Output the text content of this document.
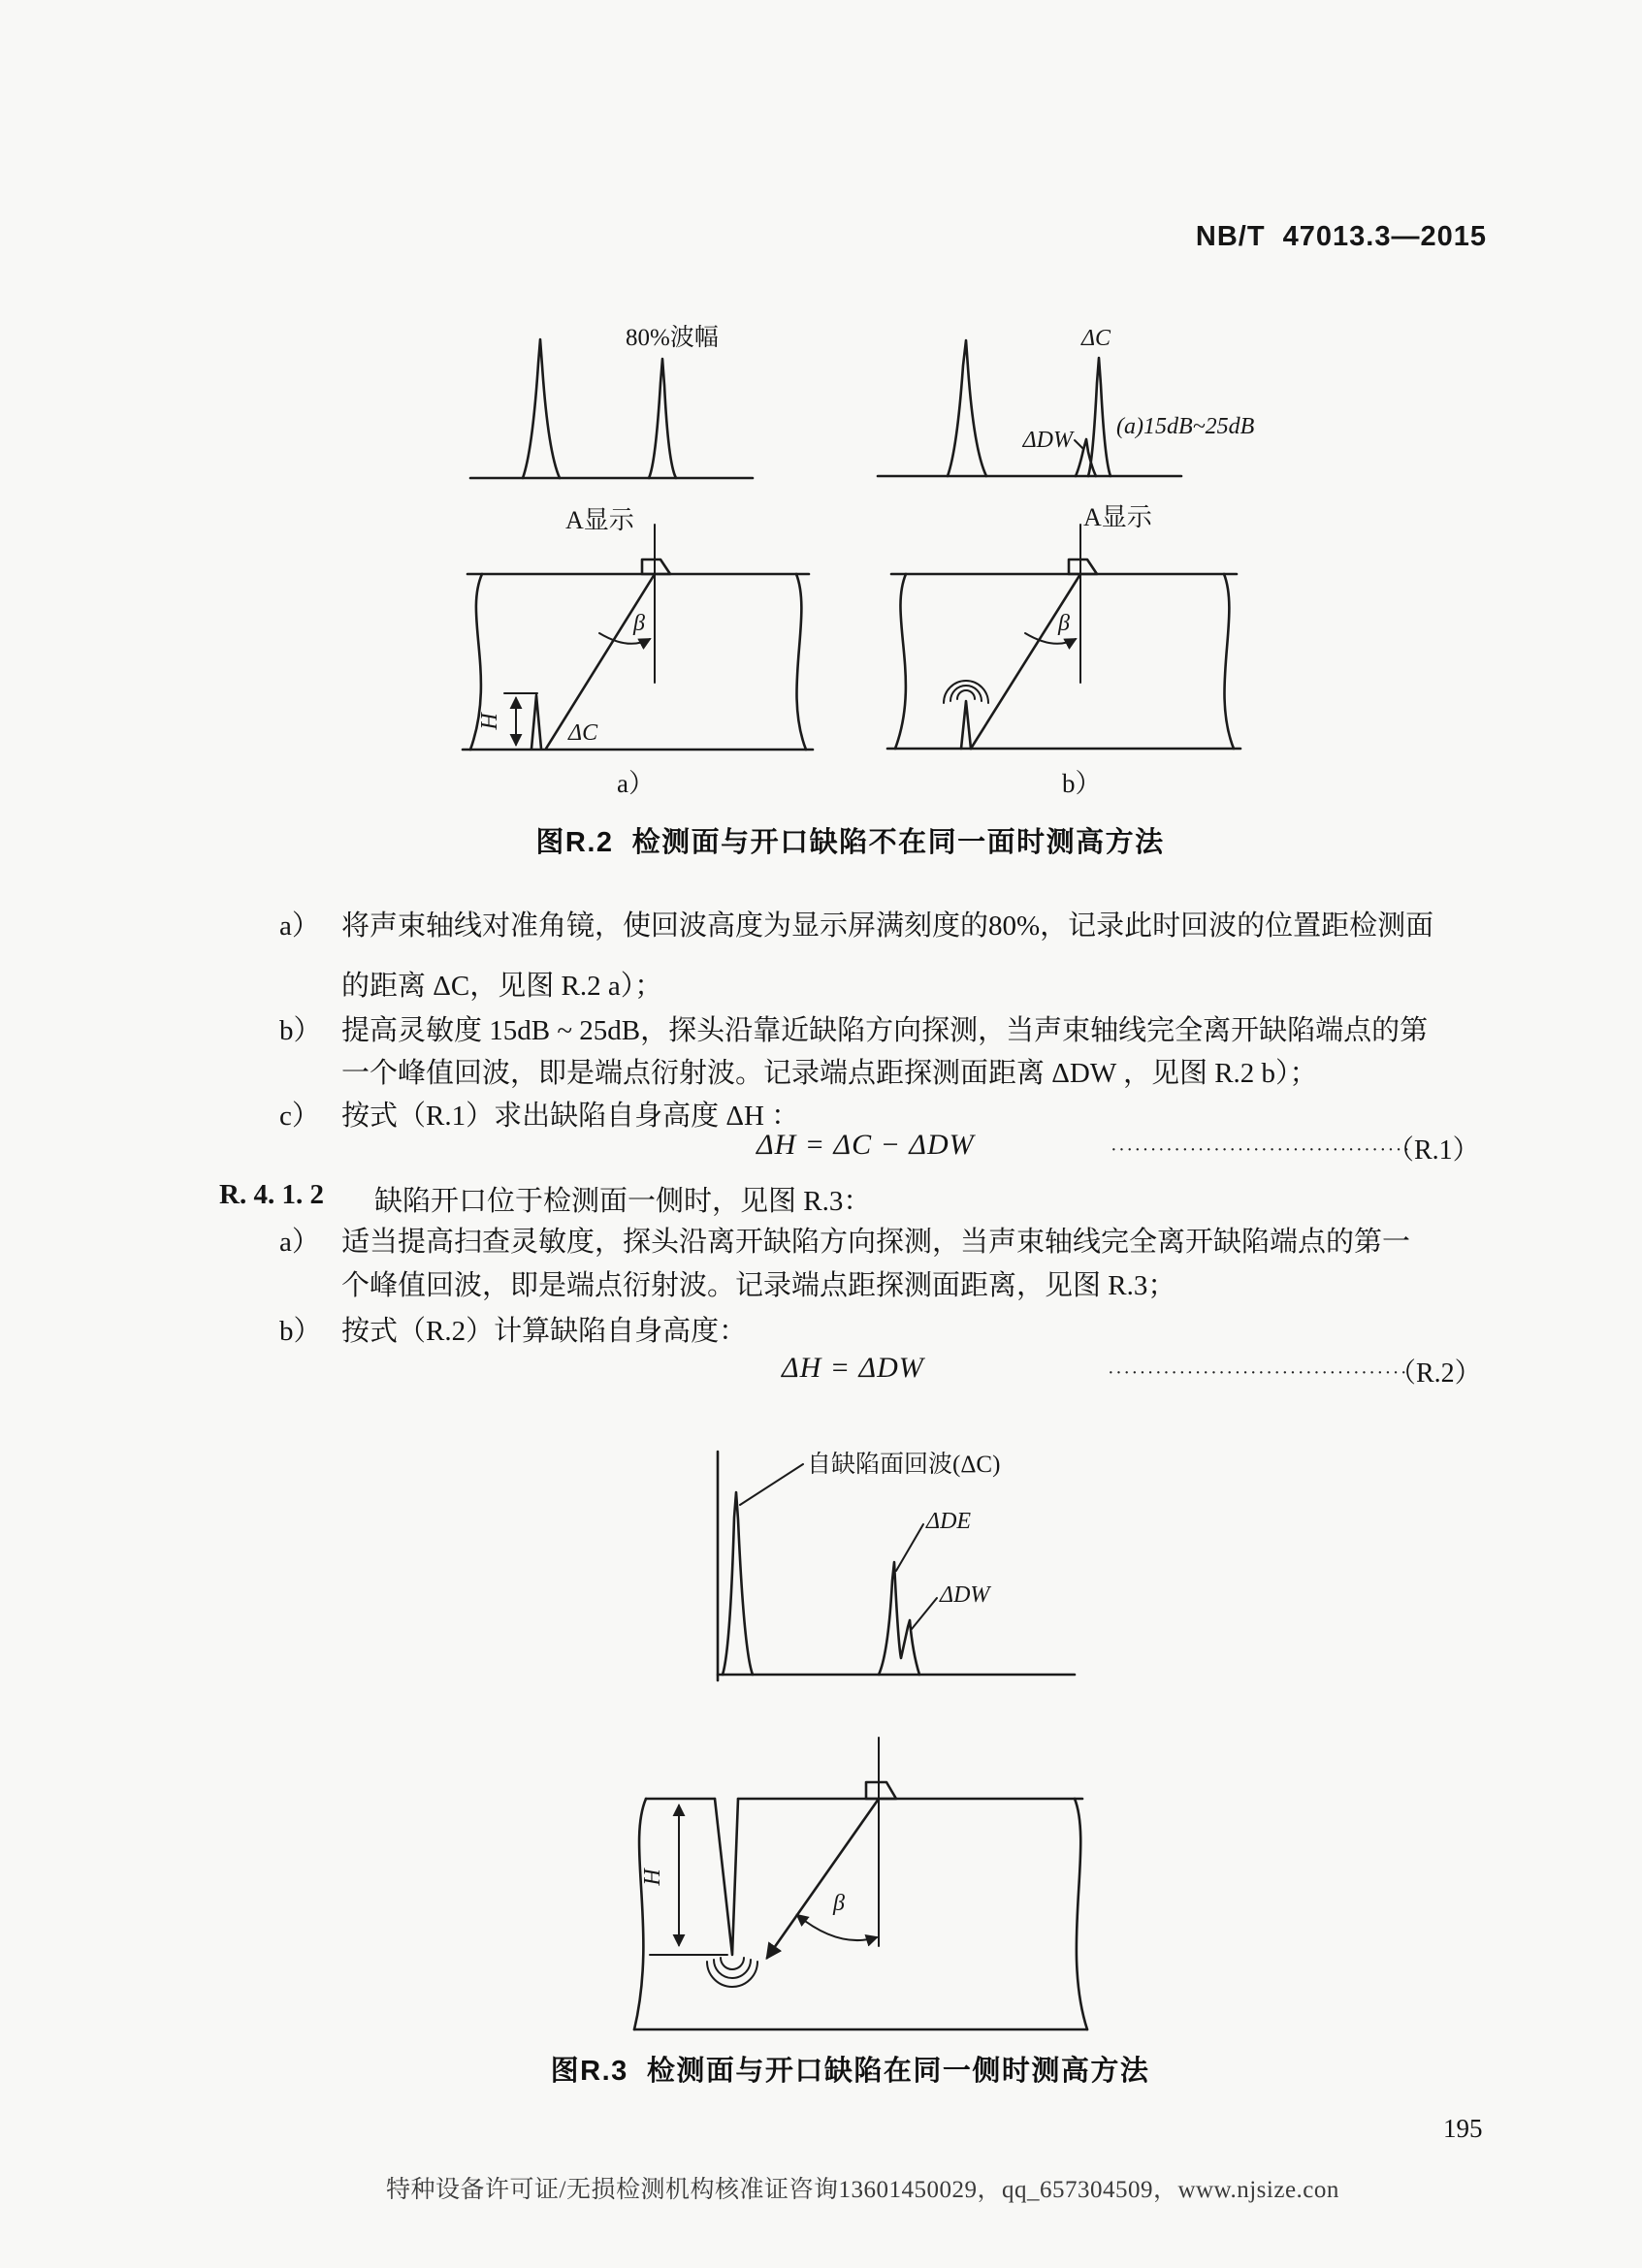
NB/T  47013.3—2015
80%波幅
A显示
β
ΔC
H
a）
ΔC
ΔDW
(a)15dB~25dB
A显示
β
b）
图R.2  检测面与开口缺陷不在同一面时测高方法
a） 将声束轴线对准角镜，使回波高度为显示屏满刻度的80%，记录此时回波的位置距检测面
的距离 ΔC，见图 R.2 a）；
b） 提高灵敏度 15dB ~ 25dB，探头沿靠近缺陷方向探测，当声束轴线完全离开缺陷端点的第
一个峰值回波，即是端点衍射波。记录端点距探测面距离 ΔDW ，见图 R.2 b）；
c） 按式（R.1）求出缺陷自身高度 ΔH ：
ΔH = ΔC − ΔDW	······································
（R.1）
R. 4. 1. 2 缺陷开口位于检测面一侧时，见图 R.3：
a） 适当提高扫查灵敏度，探头沿离开缺陷方向探测，当声束轴线完全离开缺陷端点的第一
个峰值回波，即是端点衍射波。记录端点距探测面距离，见图 R.3；
b） 按式（R.2）计算缺陷自身高度：
ΔH = ΔDW	······································
（R.2）
自缺陷面回波(ΔC)
ΔDE
ΔDW
β
H
图R.3  检测面与开口缺陷在同一侧时测高方法
195
特种设备许可证/无损检测机构核准证咨询13601450029，qq_657304509，www.njsize.con
